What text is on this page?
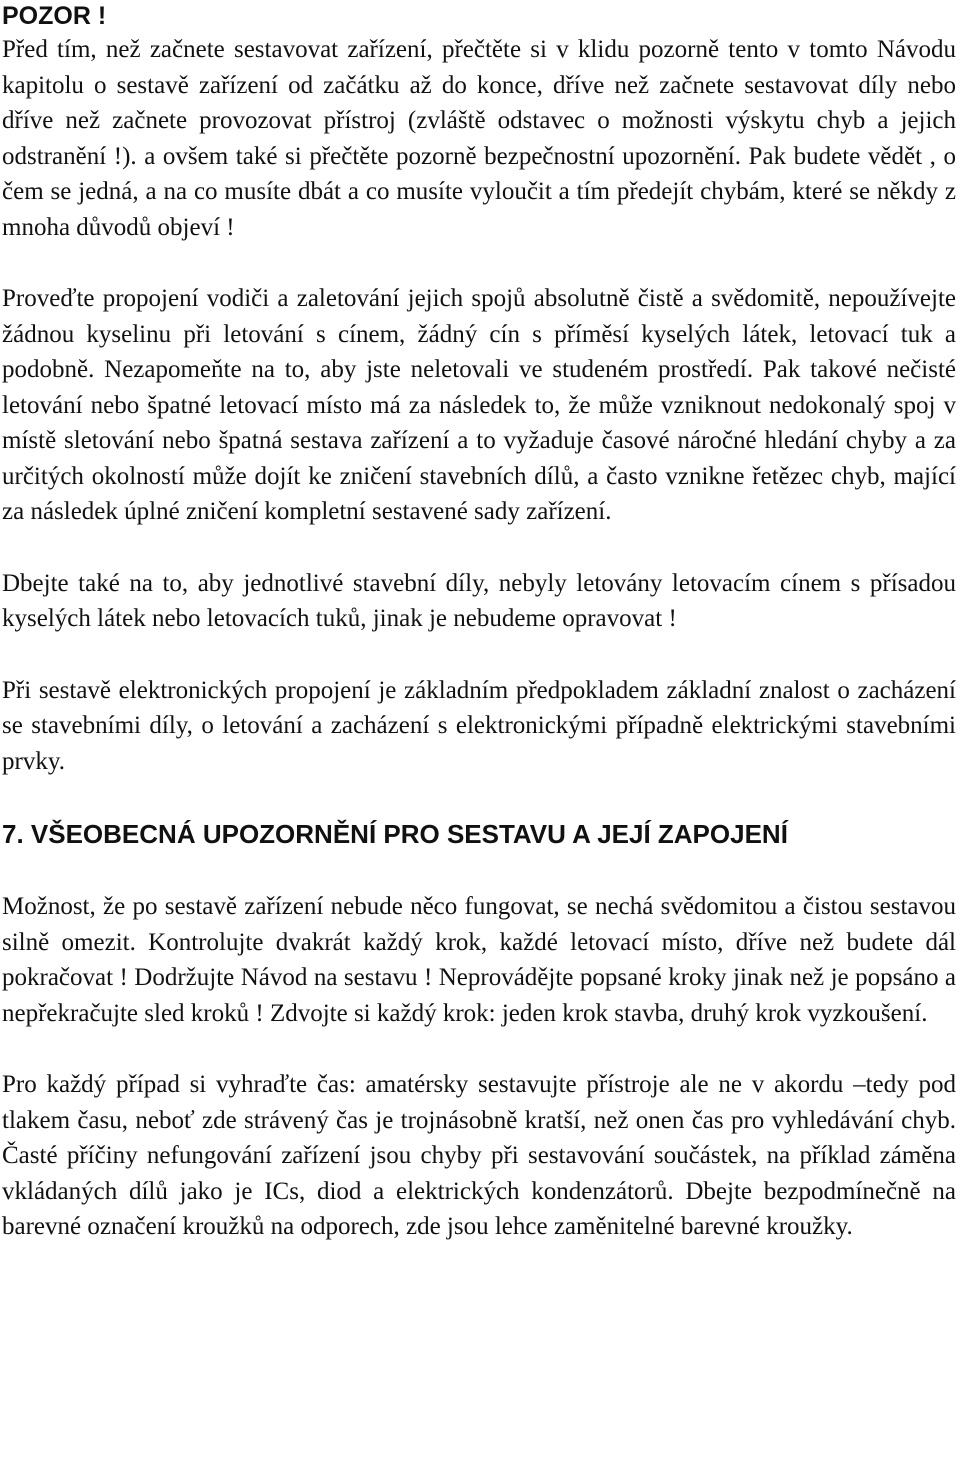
POZOR !

Před tím, než začnete sestavovat zařízení, přečtěte si v klidu pozorně tento v tomto Návodu kapitolu o sestavě zařízení od začátku až do konce, dříve než začnete sestavovat díly nebo dříve než začnete provozovat přístroj (zvláště odstavec o možnosti výskytu chyb a jejich odstranění !). a ovšem také si přečtěte pozorně bezpečnostní upozornění. Pak budete vědět , o čem se jedná, a na co musíte dbát a co musíte vyloučit a tím předejít chybám, které se někdy z mnoha důvodů objeví !

Proveďte propojení vodiči a zaletování jejich spojů absolutně čistě a svědomitě, nepoužívejte žádnou kyselinu při letování s cínem, žádný cín s příměsí kyselých látek, letovací tuk a podobně. Nezapomeňte na to, aby jste neletovali ve studeném prostředí. Pak takové nečisté letování nebo špatné letovací místo má za následek to, že může vzniknout nedokonalý spoj v místě sletování nebo špatná sestava zařízení a to vyžaduje časové náročné hledání chyby a za určitých okolností může dojít ke zničení stavebních dílů, a často vznikne řetězec chyb, mající za následek úplné zničení kompletní sestavené sady zařízení.

Dbejte také na to, aby jednotlivé stavební díly, nebyly letovány letovacím cínem s přísadou kyselých látek nebo letovacích tuků, jinak je nebudeme opravovat !

Při sestavě elektronických propojení je základním předpokladem základní znalost o zacházení se stavebními díly, o letování a zacházení s elektronickými případně elektrickými stavebními prvky.

7. VŠEOBECNÁ UPOZORNĚNÍ PRO SESTAVU A JEJÍ ZAPOJENÍ

Možnost, že po sestavě zařízení nebude něco fungovat, se nechá svědomitou a čistou sestavou silně omezit. Kontrolujte dvakrát každý krok, každé letovací místo, dříve než budete dál pokračovat ! Dodržujte Návod na sestavu ! Neprovádějte popsané kroky jinak než je popsáno a nepřekračujte sled kroků ! Zdvojte si každý krok: jeden krok stavba, druhý krok vyzkoušení.

Pro každý případ si vyhraďte čas: amatérsky sestavujte přístroje ale ne v akordu –tedy pod tlakem času, neboť zde strávený čas je trojnásobně kratší, než onen čas pro vyhledávání chyb. Časté příčiny nefungování zařízení jsou chyby při sestavování součástek, na příklad záměna vkládaných dílů jako je ICs, diod a elektrických kondenzátorů. Dbejte bezpodmínečně na barevné označení kroužků na odporech, zde jsou lehce zaměnitelné barevné kroužky.
